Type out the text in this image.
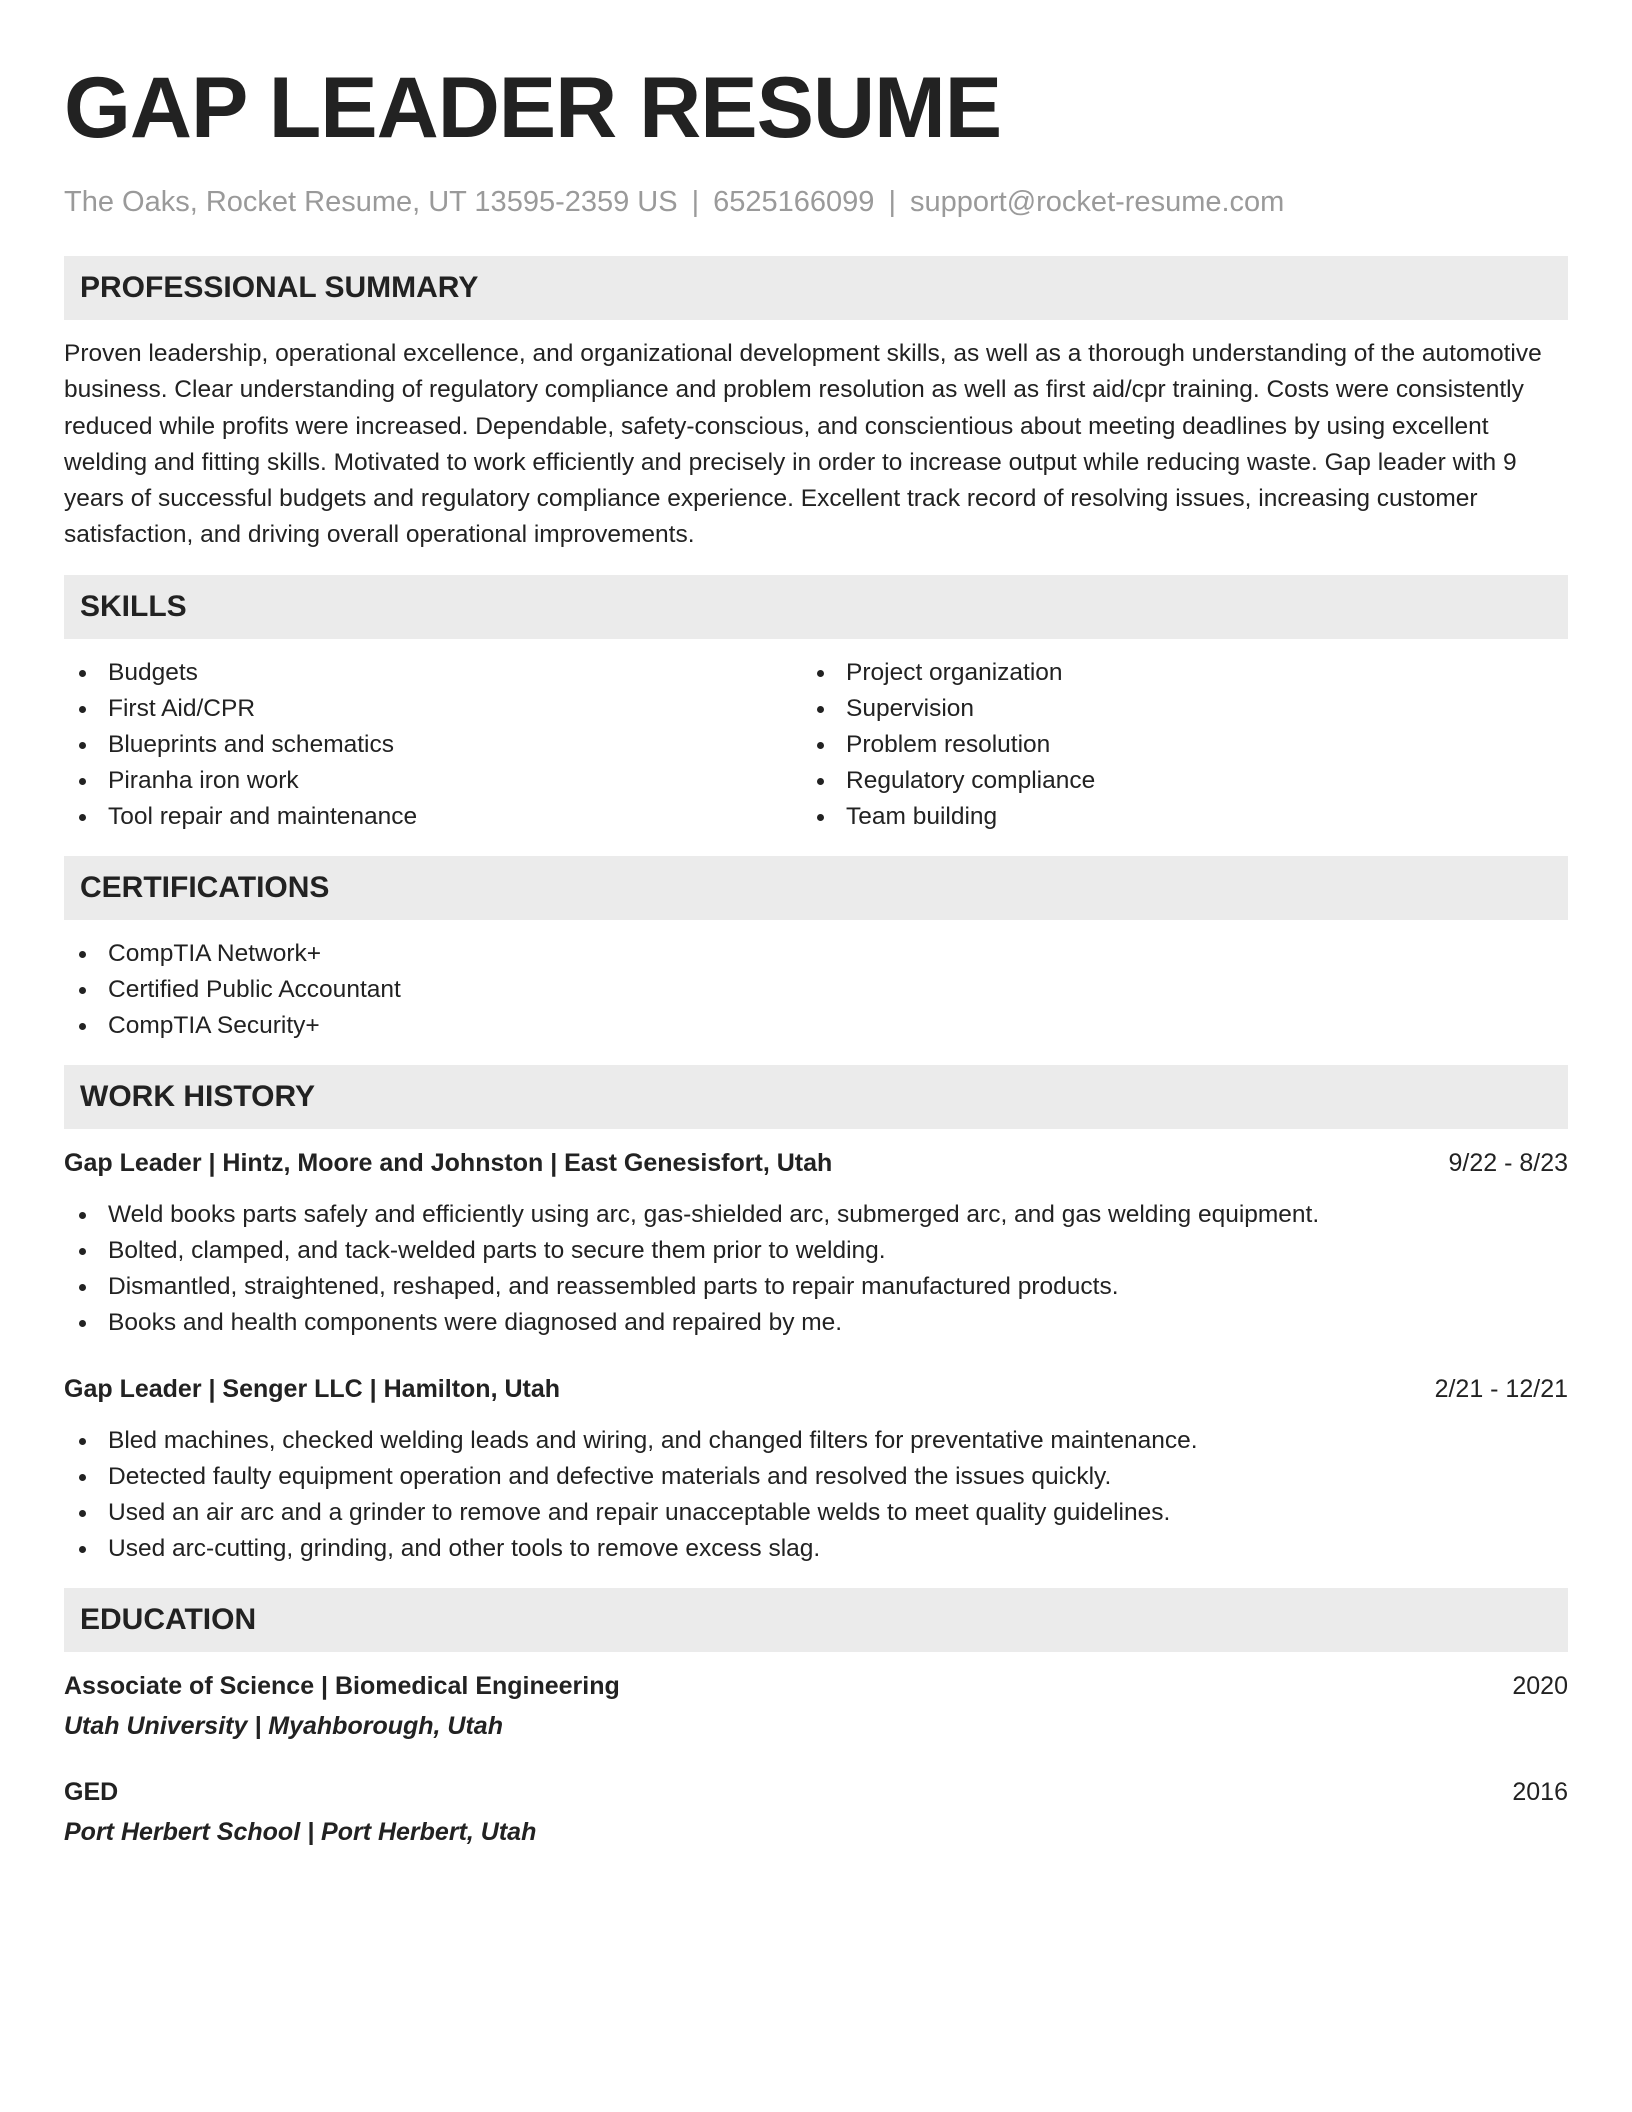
GAP LEADER RESUME
The Oaks, Rocket Resume, UT 13595-2359 US | 6525166099 | support@rocket-resume.com
PROFESSIONAL SUMMARY

Proven leadership, operational excellence, and organizational development skills, as well as a thorough understanding of the automotive business. Clear understanding of regulatory compliance and problem resolution as well as first aid/cpr training. Costs were consistently reduced while profits were increased. Dependable, safety-conscious, and conscientious about meeting deadlines by using excellent welding and fitting skills. Motivated to work efficiently and precisely in order to increase output while reducing waste. Gap leader with 9 years of successful budgets and regulatory compliance experience. Excellent track record of resolving issues, increasing customer satisfaction, and driving overall operational improvements.

SKILLS
Budgets
First Aid/CPR
Blueprints and schematics
Piranha iron work
Tool repair and maintenance
Project organization
Supervision
Problem resolution
Regulatory compliance
Team building
CERTIFICATIONS
CompTIA Network+
Certified Public Accountant
CompTIA Security+
WORK HISTORY
Gap Leader | Hintz, Moore and Johnston | East Genesisfort, Utah	9/22 - 8/23
Weld books parts safely and efficiently using arc, gas-shielded arc, submerged arc, and gas welding equipment.
Bolted, clamped, and tack-welded parts to secure them prior to welding.
Dismantled, straightened, reshaped, and reassembled parts to repair manufactured products.
Books and health components were diagnosed and repaired by me.
Gap Leader | Senger LLC | Hamilton, Utah	2/21 - 12/21
Bled machines, checked welding leads and wiring, and changed filters for preventative maintenance.
Detected faulty equipment operation and defective materials and resolved the issues quickly.
Used an air arc and a grinder to remove and repair unacceptable welds to meet quality guidelines.
Used arc-cutting, grinding, and other tools to remove excess slag.
EDUCATION
Associate of Science | Biomedical Engineering	2020
Utah University | Myahborough, Utah
GED	2016
Port Herbert School | Port Herbert, Utah
